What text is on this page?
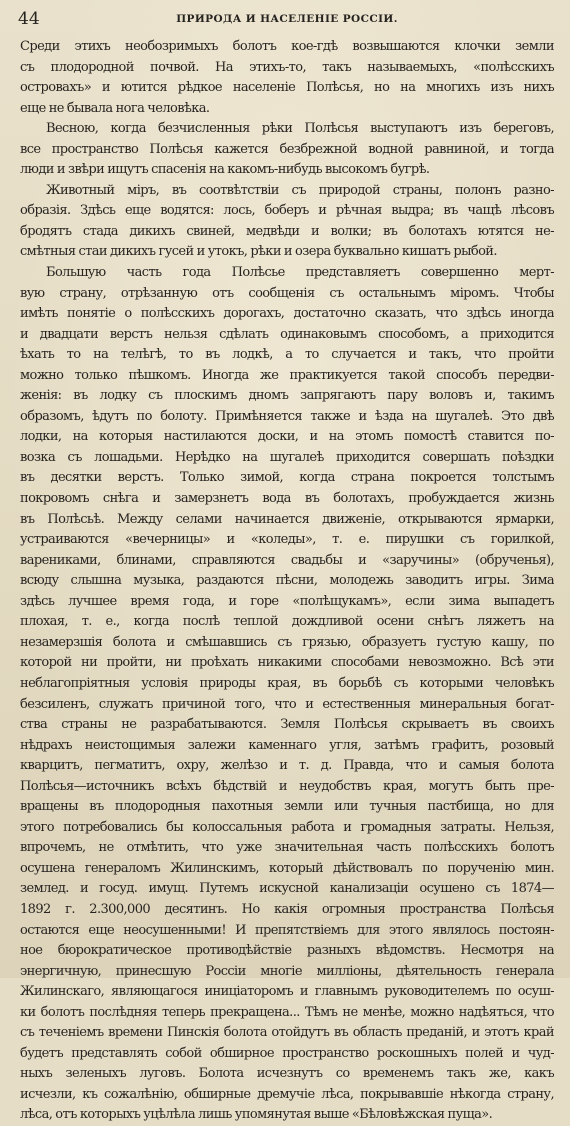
44	ПРИРОДА И НАСЕЛЕНІЕ РОССІИ.
Среди этихъ необозримыхъ болотъ кое-гдѣ возвышаются клочки земли
съ плодородной почвой. На этихъ-то, такъ называемыхъ, «полѣсскихъ
островахъ» и ютится рѣдкое населеніе Полѣсья, но на многихъ изъ нихъ
еще не бывала нога человѣка.
Весною, когда безчисленныя рѣки Полѣсья выступаютъ изъ береговъ,
все пространство Полѣсья кажется безбрежной водной равниной, и тогда
люди и звѣри ищутъ спасенія на какомъ-нибудь высокомъ бугрѣ.
Животный міръ, въ соотвѣтствіи съ природой страны, полонъ разно-
образія. Здѣсь еще водятся: лось, боберъ и рѣчная выдра; въ чащѣ лѣсовъ
бродятъ стада дикихъ свиней, медвѣди и волки; въ болотахъ ютятся не-
смѣтныя стаи дикихъ гусей и утокъ, рѣки и озера буквально кишатъ рыбой.
Большую часть года Полѣсье представляетъ совершенно мерт-
вую страну, отрѣзанную отъ сообщенія съ остальнымъ міромъ. Чтобы
имѣть понятіе о полѣсскихъ дорогахъ, достаточно сказать, что здѣсь иногда
и двадцати верстъ нельзя сдѣлать одинаковымъ способомъ, а приходится
ѣхать то на телѣгѣ, то въ лодкѣ, а то случается и такъ, что пройти
можно только пѣшкомъ. Иногда же практикуется такой способъ передви-
женія: въ лодку съ плоскимъ дномъ запрягаютъ пару воловъ и, такимъ
образомъ, ѣдутъ по болоту. Примѣняется также и ѣзда на шугалеѣ. Это двѣ
лодки, на которыя настилаются доски, и на этомъ помостѣ ставится по-
возка съ лошадьми. Нерѣдко на шугалеѣ приходится совершать поѣздки
въ десятки верстъ. Только зимой, когда страна покроется толстымъ
покровомъ снѣга и замерзнетъ вода въ болотахъ, пробуждается жизнь
въ Полѣсьѣ. Между селами начинается движеніе, открываются ярмарки,
устраиваются «вечерницы» и «коледы», т. е. пирушки съ горилкой,
варениками, блинами, справляются свадьбы и «заручины» (обрученья),
всюду слышна музыка, раздаются пѣсни, молодежь заводитъ игры. Зима
здѣсь лучшее время года, и горе «полѣщукамъ», если зима выпадетъ
плохая, т. е., когда послѣ теплой дождливой осени снѣгъ ляжетъ на
незамерзшія болота и смѣшавшись съ грязью, образуетъ густую кашу, по
которой ни пройти, ни проѣхать никакими способами невозможно. Всѣ эти
неблагопріятныя условія природы края, въ борьбѣ съ которыми человѣкъ
безсиленъ, служатъ причиной того, что и естественныя минеральныя богат-
ства страны не разрабатываются. Земля Полѣсья скрываетъ въ своихъ
нѣдрахъ неистощимыя залежи каменнаго угля, затѣмъ графитъ, розовый
кварцитъ, пегматитъ, охру, желѣзо и т. д. Правда, что и самыя болота
Полѣсья—источникъ всѣхъ бѣдствій и неудобствъ края, могутъ быть пре-
вращены въ плодородныя пахотныя земли или тучныя пастбища, но для
этого потребовались бы колоссальныя работа и громадныя затраты. Нельзя,
впрочемъ, не отмѣтить, что уже значительная часть полѣсскихъ болотъ
осушена генераломъ Жилинскимъ, который дѣйствовалъ по порученію мин.
землед. и госуд. имущ. Путемъ искусной канализаціи осушено съ 1874—
1892 г. 2.300,000 десятинъ. Но какія огромныя пространства Полѣсья
остаются еще неосушенными! И препятствіемъ для этого являлось постоян-
ное бюрократическое противодѣйствіе разныхъ вѣдомствъ. Несмотря на
энергичную, принесшую Россіи многіе милліоны, дѣятельность генерала
Жилинскаго, являющагося иниціаторомъ и главнымъ руководителемъ по осуш-
ки болотъ послѣдняя теперь прекращена... Тѣмъ не менѣе, можно надѣяться, что
съ теченіемъ времени Пинскія болота отойдутъ въ область преданій, и этотъ край
будетъ представлять собой обширное пространство роскошныхъ полей и чуд-
ныхъ зеленыхъ луговъ. Болота исчезнутъ со временемъ такъ же, какъ
исчезли, къ сожалѣнію, обширные дремучіе лѣса, покрывавшіе нѣкогда страну,
лѣса, отъ которыхъ уцѣлѣла лишь упомянутая выше «Бѣловѣжская пуща».
